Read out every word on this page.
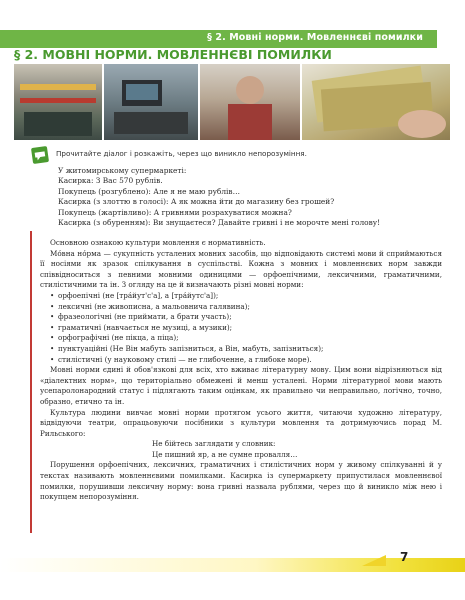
§ 2. Мовні норми. Мовленнєві помилки
§ 2. МОВНІ НОРМИ. МОВЛЕННЄВІ ПОМИЛКИ
Прочитайте діалог і розкажіть, через що виникло непорозуміння.
У житомирському супермаркеті:
Касирка: З Вас 570 рублів.
Покупець (розгублено): Але я не маю рублів…
Касирка (з злоттю в голосі): А як можна йти до магазину без грошей?
Покупець (жартівливо): А гривнями розрахуватися можна?
Касирка (з обуренням): Ви знущаєтеся? Давайте гривні і не морочте мені голову!

Основною ознакою культури мовлення є нормативність.

Мо́вна но́рма — сукупність усталених мовних засобів, що відповідають системі мови й сприймаються її носіями як зразок спілкування в суспільстві. Кожна з мовних і мовленнєвих норм завжди співвідноситься з певними мовними одиницями — орфоепічними, лексичними, граматичними, стилістичними та ін. З огляду на це й визначають різні мовні норми:

• орфоепічні (не [тра́йут'с'а], а [тра́йутс'а]);
• лексичні (не живописна, а мальовнича галявина);
• фразеологічні (не приймати, а брати участь);
• граматичні (навчається не музиці, а музики);
• орфографічні (не пікца, а піца);
• пунктуаційні (Не Він мабуть запізниться, а Він, мабуть, запізниться);
• стилістичні (у науковому стилі — не глибоченне, а глибоке море).

Мовні норми єдині й обов'язкові для всіх, хто вживає літературну мову. Цим вони відрізняються від «діалектних норм», що територіально обмежені й менш усталені. Норми літературної мови мають усепаролонародний статус і підлягають таким оцінкам, як правильно чи неправильно, логічно, точно, образно, етично та ін.

Культура людини вивчає мовні норми протягом усього життя, читаючи художню літературу, відвідуючи театри, опрацьовуючи посібники з культури мовлення та дотримуючись порад М. Рильського:

Не бійтесь заглядати у словник:
Це пишний яр, а не сумне провалля…

Порушення орфоепічних, лексичних, граматичних і стилістичних норм у живому спілкуванні й у текстах називають мовленнєвими помилками. Касирка із супермаркету припустилася мовленнєвої помилки, порушивши лексичну норму: вона гривні назвала рублями, через що й виникло між нею і покупцем непорозуміння.

7
